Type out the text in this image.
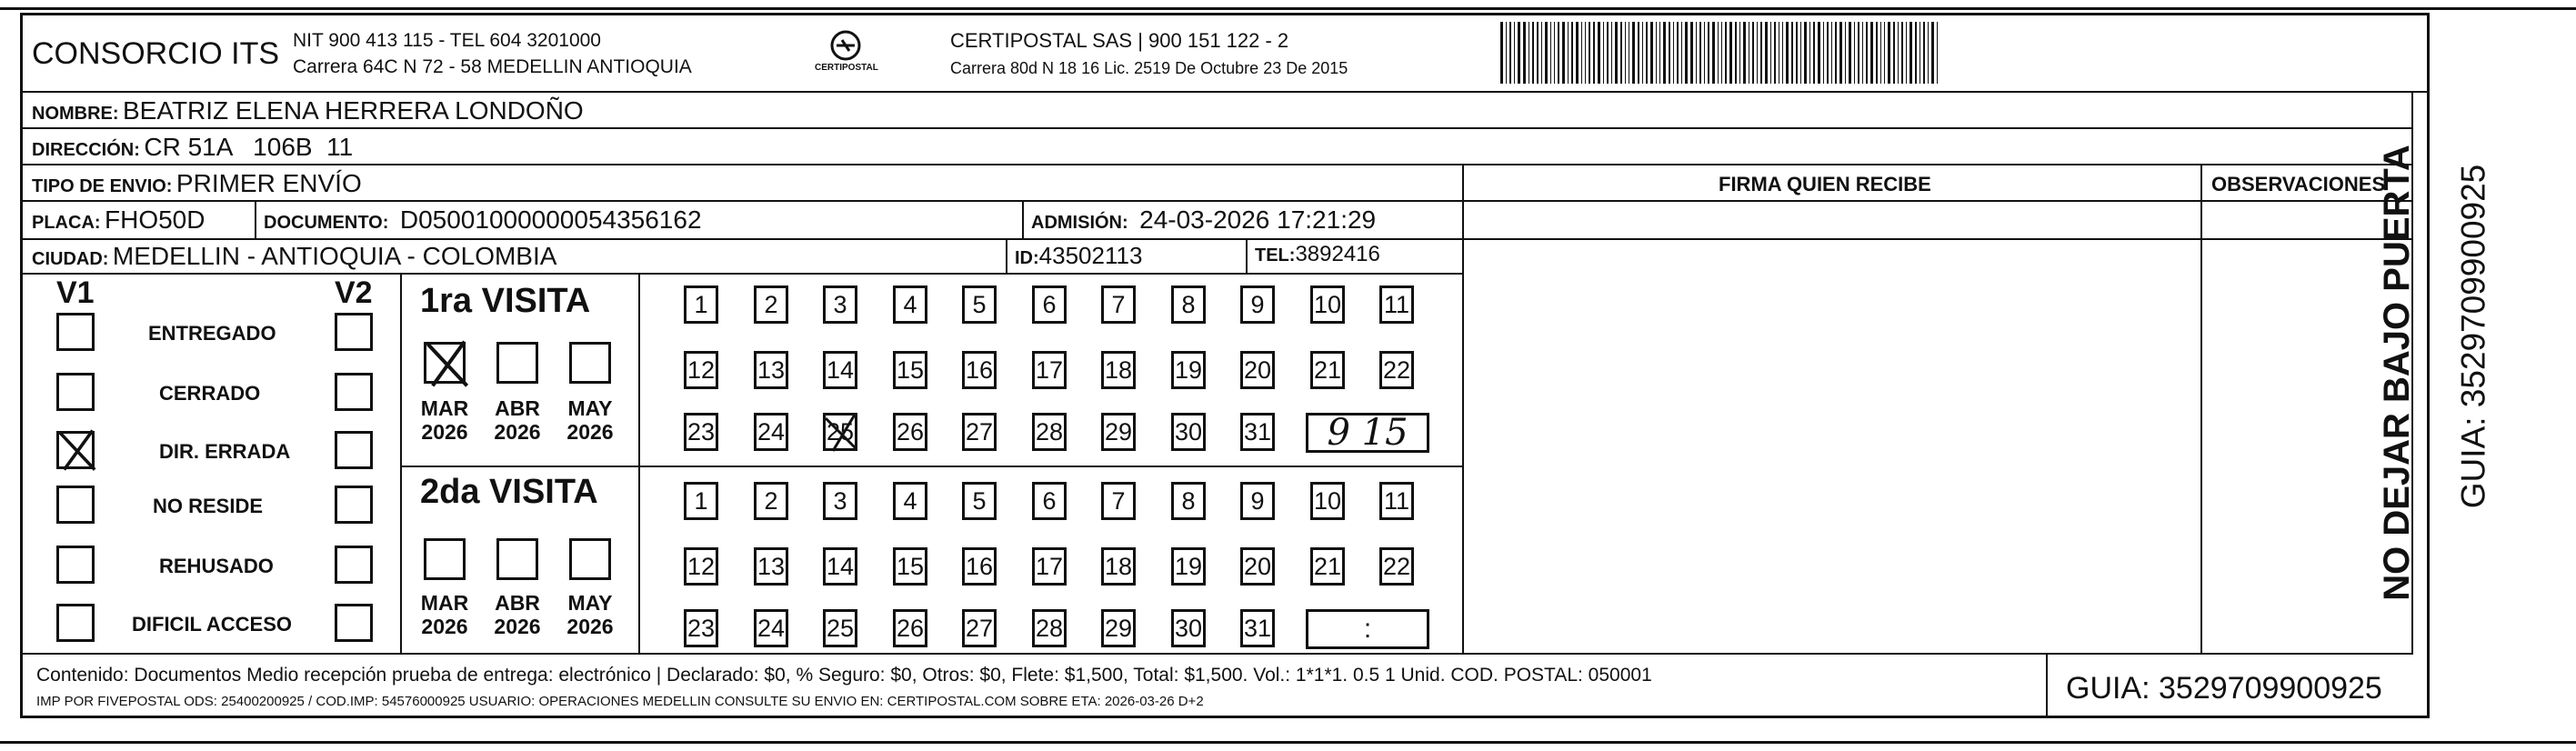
CONSORCIO ITS NIT 900 413 115 - TEL 604 3201000
Carrera 64C N 72 - 58 MEDELLIN ANTIOQUIA	CERTIPOSTAL
CERTIPOSTAL SAS | 900 151 122 - 2
Carrera 80d N 18 16 Lic. 2519 De Octubre 23 De 2015
NOMBRE: BEATRIZ ELENA HERRERA LONDOÑO
DIRECCIÓN: CR 51A   106B  11
TIPO DE ENVIO: PRIMER ENVÍO
PLACA: FHO50D	DOCUMENTO: D05001000000054356162	ADMISIÓN: 24-03-2026 17:21:29
CIUDAD: MEDELLIN - ANTIOQUIA - COLOMBIA	ID:43502113	TEL:3892416
FIRMA QUIEN RECIBE	OBSERVACIONES
V1	V2
ENTREGADO
CERRADO
DIR. ERRADA
NO RESIDE
REHUSADO
DIFICIL ACCESO
1ra VISITA
MAR
2026
ABR
2026
MAY
2026
1	2	3	4	5	6	7	8	9	10 11
12 13 14 15 16 17 18 19 20 21 22
23 24 25 26 27 28 29 30 31	9 15
2da VISITA
MAR
2026
ABR
2026
MAY
2026
1	2	3	4	5	6	7	8	9	10 11
12 13 14 15 16 17 18 19 20 21 22
23 24 25 26 27 28 29 30 31	:
Contenido: Documentos Medio recepción prueba de entrega: electrónico | Declarado: $0, % Seguro: $0, Otros: $0, Flete: $1,500, Total: $1,500. Vol.: 1*1*1. 0.5 1 Unid. COD. POSTAL: 050001
IMP POR FIVEPOSTAL ODS: 25400200925 / COD.IMP: 54576000925 USUARIO: OPERACIONES MEDELLIN CONSULTE SU ENVIO EN: CERTIPOSTAL.COM SOBRE ETA: 2026-03-26 D+2	GUIA: 3529709900925
NO DEJAR BAJO PUERTA GUIA: 3529709900925
